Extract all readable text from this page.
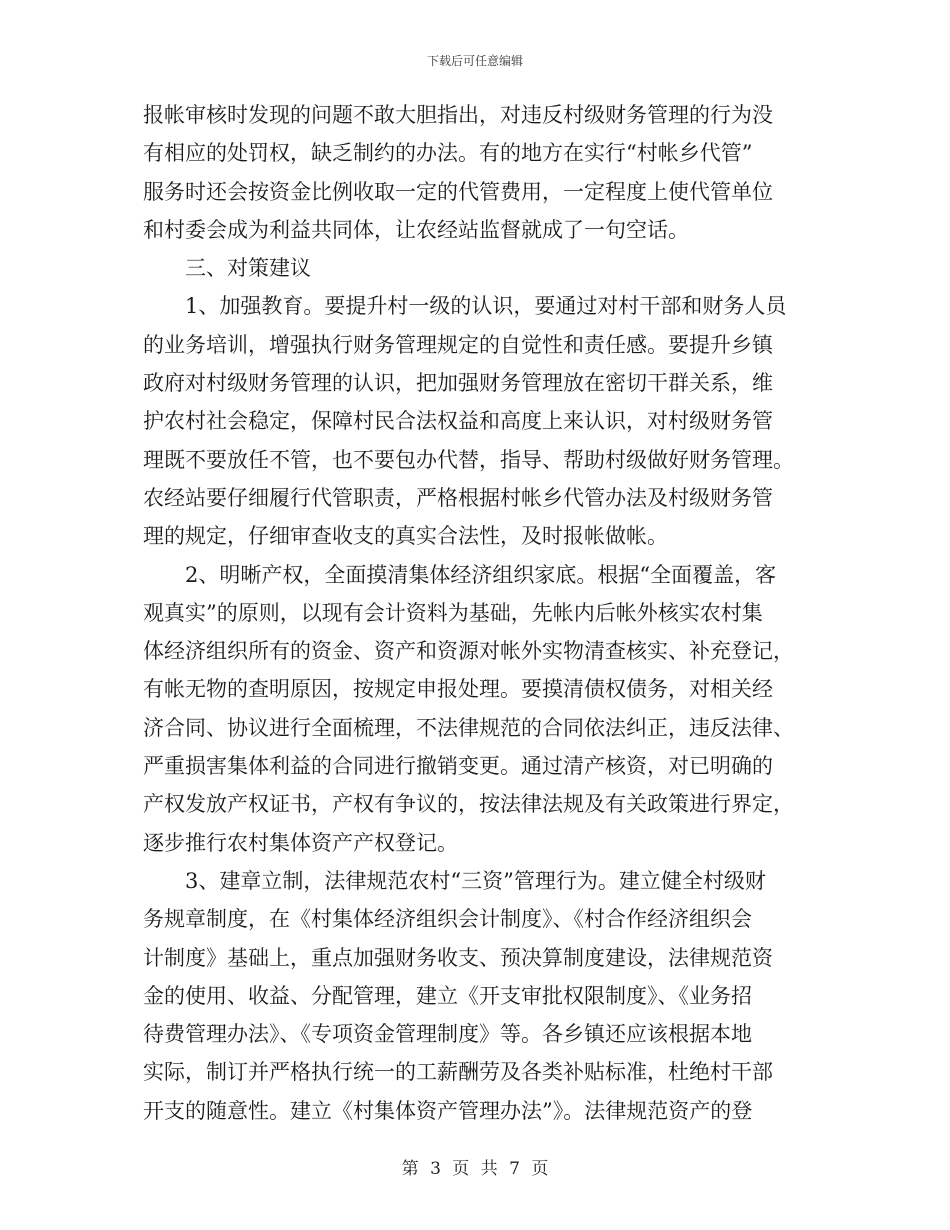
下载后可任意编辑
报帐审核时发现的问题不敢大胆指出，对违反村级财务管理的行为没
有相应的处罚权，缺乏制约的办法。有的地方在实行“村帐乡代管”
服务时还会按资金比例收取一定的代管费用，一定程度上使代管单位
和村委会成为利益共同体，让农经站监督就成了一句空话。
三、对策建议
1、加强教育。要提升村一级的认识，要通过对村干部和财务人员
的业务培训，增强执行财务管理规定的自觉性和责任感。要提升乡镇
政府对村级财务管理的认识，把加强财务管理放在密切干群关系，维
护农村社会稳定，保障村民合法权益和高度上来认识，对村级财务管
理既不要放任不管，也不要包办代替，指导、帮助村级做好财务管理。
农经站要仔细履行代管职责，严格根据村帐乡代管办法及村级财务管
理的规定，仔细审查收支的真实合法性，及时报帐做帐。
2、明晰产权，全面摸清集体经济组织家底。根据“全面覆盖，客
观真实”的原则，以现有会计资料为基础，先帐内后帐外核实农村集
体经济组织所有的资金、资产和资源对帐外实物清查核实、补充登记，
有帐无物的查明原因，按规定申报处理。要摸清债权债务，对相关经
济合同、协议进行全面梳理，不法律规范的合同依法纠正，违反法律、
严重损害集体利益的合同进行撤销变更。通过清产核资，对已明确的
产权发放产权证书，产权有争议的，按法律法规及有关政策进行界定，
逐步推行农村集体资产产权登记。
3、建章立制，法律规范农村“三资”管理行为。建立健全村级财
务规章制度，在《村集体经济组织会计制度》、《村合作经济组织会
计制度》基础上，重点加强财务收支、预决算制度建设，法律规范资
金的使用、收益、分配管理，建立《开支审批权限制度》、《业务招
待费管理办法》、《专项资金管理制度》等。各乡镇还应该根据本地
实际，制订并严格执行统一的工薪酬劳及各类补贴标准，杜绝村干部
开支的随意性。建立《村集体资产管理办法”》。法律规范资产的登
第 3 页 共 7 页
